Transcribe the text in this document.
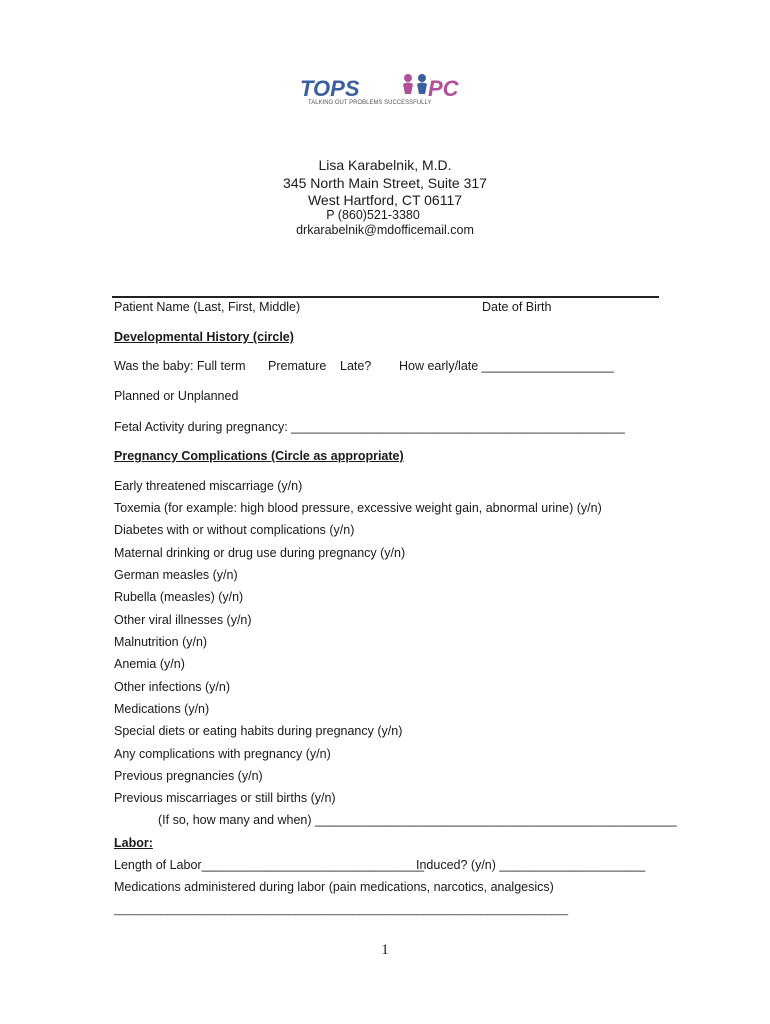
TOPS	PC
TALKING OUT PROBLEMS SUCCESSFULLY
Lisa Karabelnik, M.D.
345 North Main Street, Suite 317
West Hartford, CT 06117
P (860)521-3380
drkarabelnik@mdofficemail.com
Patient Name (Last, First, Middle)	Date of Birth
Developmental History (circle)
Was the baby: Full term Premature Late? How early/late ___________________
Planned or Unplanned
Fetal Activity during pregnancy: ________________________________________________
Pregnancy Complications (Circle as appropriate)
Early threatened miscarriage (y/n)
Toxemia (for example: high blood pressure, excessive weight gain, abnormal urine) (y/n)
Diabetes with or without complications (y/n)
Maternal drinking or drug use during pregnancy (y/n)
German measles (y/n)
Rubella (measles) (y/n)
Other viral illnesses (y/n)
Malnutrition (y/n)
Anemia (y/n)
Other infections (y/n)
Medications (y/n)
Special diets or eating habits during pregnancy (y/n)
Any complications with pregnancy (y/n)
Previous pregnancies (y/n)
Previous miscarriages or still births (y/n)
(If so, how many and when) ____________________________________________________
Labor:
Length of Labor________________________________
Induced? (y/n) _____________________
Medications administered during labor (pain medications, narcotics, analgesics)
______________________________________________________________________________
1
